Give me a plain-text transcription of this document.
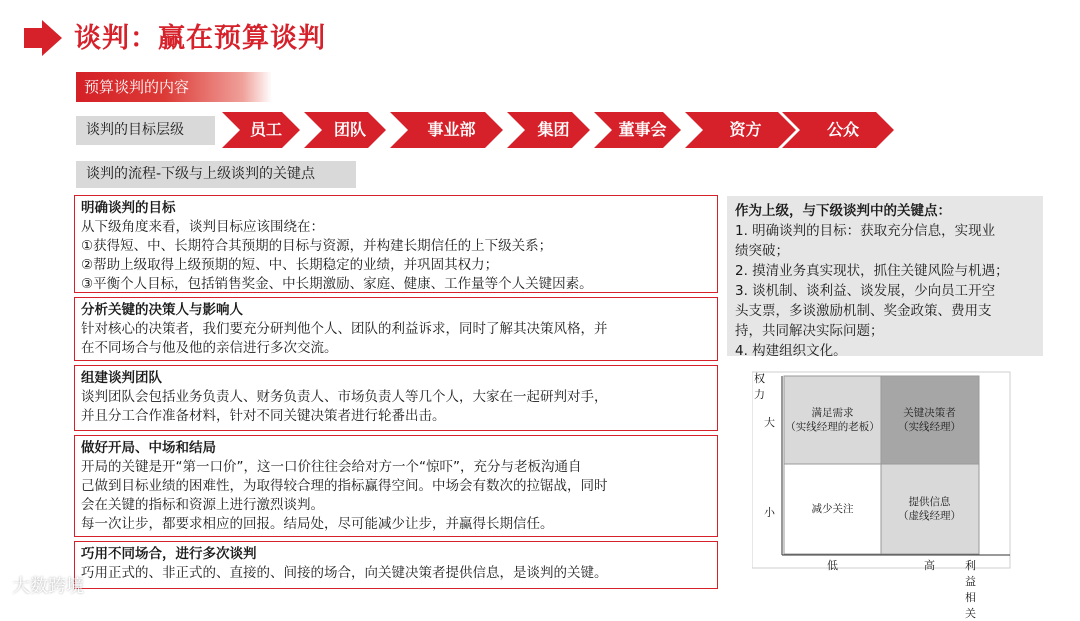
谈判：赢在预算谈判
预算谈判的内容
谈判的目标层级	员工	团队	事业部	集团	董事会	资方	公众
谈判的流程-下级与上级谈判的关键点
明确谈判的目标
从下级角度来看，谈判目标应该围绕在：
①获得短、中、长期符合其预期的目标与资源，并构建长期信任的上下级关系；
②帮助上级取得上级预期的短、中、长期稳定的业绩，并巩固其权力；
③平衡个人目标，包括销售奖金、中长期激励、家庭、健康、工作量等个人关键因素。
分析关键的决策人与影响人
针对核心的决策者，我们要充分研判他个人、团队的利益诉求，同时了解其决策风格，并
在不同场合与他及他的亲信进行多次交流。
组建谈判团队
谈判团队会包括业务负责人、财务负责人、市场负责人等几个人，大家在一起研判对手，
并且分工合作准备材料，针对不同关键决策者进行轮番出击。
做好开局、中场和结局
开局的关键是开“第一口价”，这一口价往往会给对方一个“惊吓”，充分与老板沟通自
己做到目标业绩的困难性，为取得较合理的指标赢得空间。中场会有数次的拉锯战，同时
会在关键的指标和资源上进行激烈谈判。
每一次让步，都要求相应的回报。结局处，尽可能减少让步，并赢得长期信任。
巧用不同场合，进行多次谈判
巧用正式的、非正式的、直接的、间接的场合，向关键决策者提供信息，是谈判的关键。
作为上级，与下级谈判中的关键点：
1. 明确谈判的目标：获取充分信息，实现业
绩突破；
2. 摸清业务真实现状，抓住关键风险与机遇；
3. 谈机制、谈利益、谈发展，少向员工开空
头支票，多谈激励机制、奖金政策、费用支
持，共同解决实际问题；
4. 构建组织文化。
权力
大
小
满足需求
（实线经理的老板）
关键决策者
（实线经理）
减少关注
提供信息
（虚线经理）
低	高	利益相关
大数跨境
